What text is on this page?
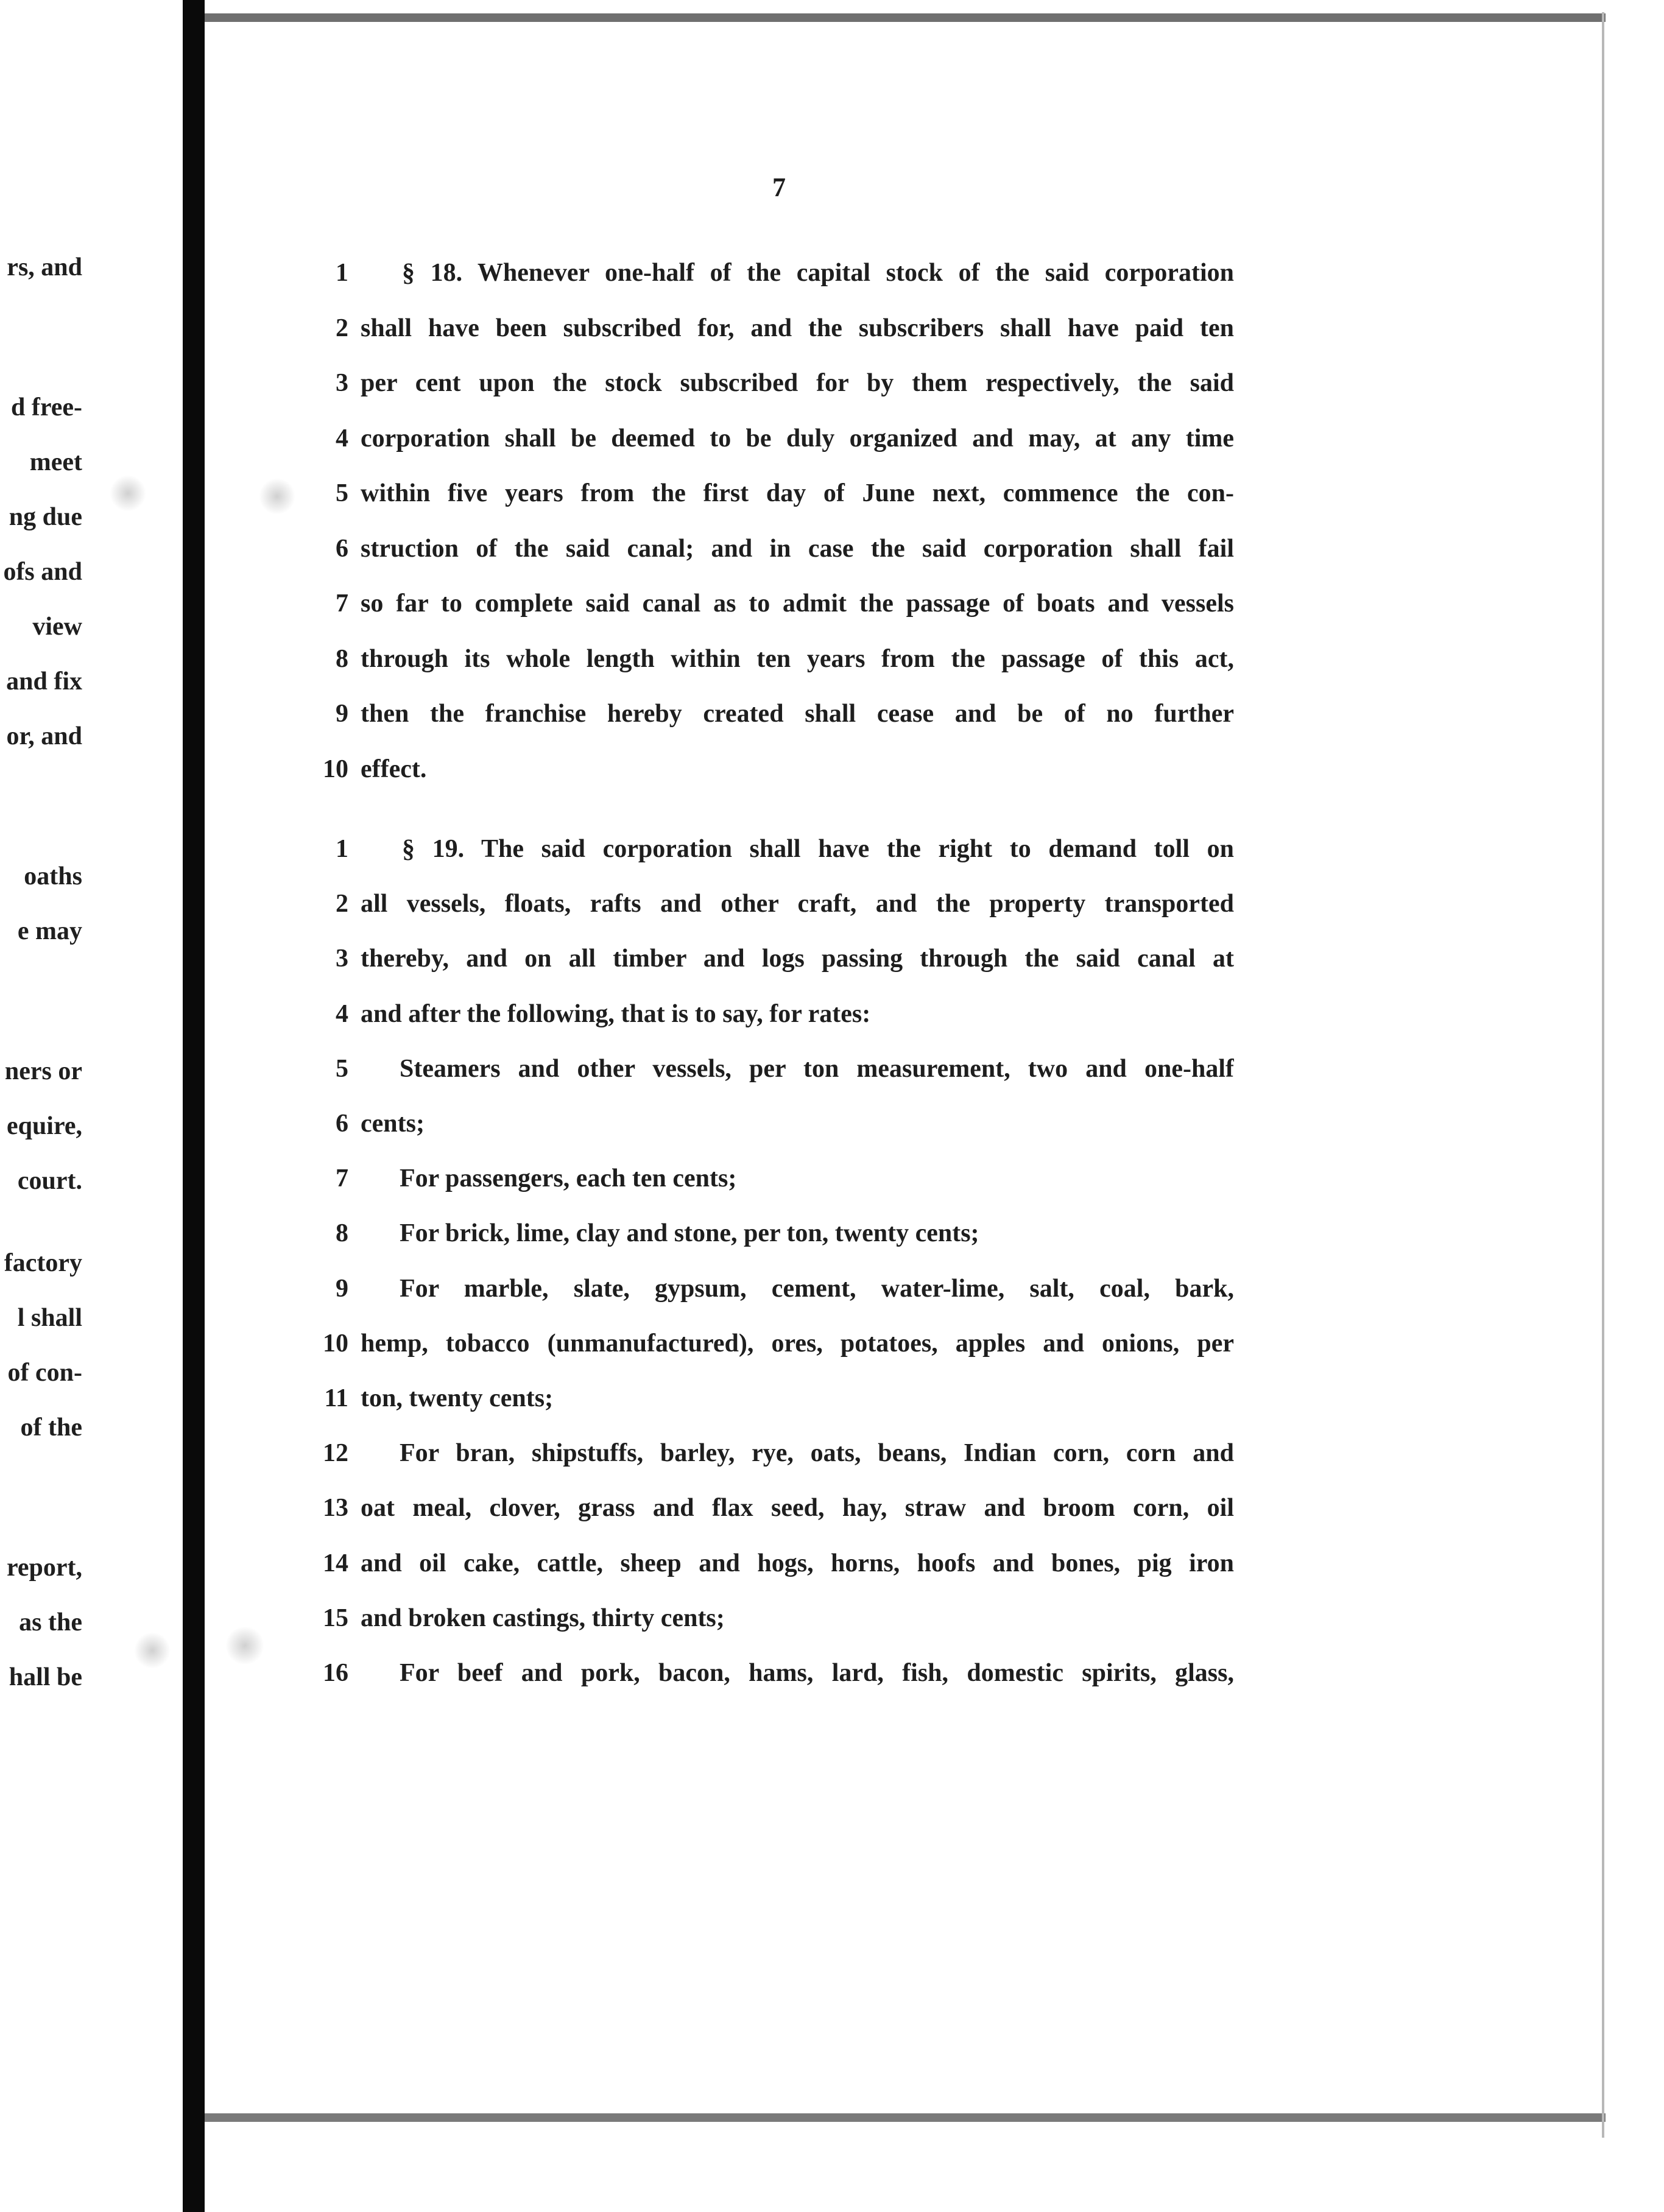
rs, and
d free-
meet
ng due
ofs and
view
and fix
or, and
oaths
e may
ners or
equire,
court.
factory
l shall
of con-
of the
report,
as the
hall be
7
1 § 18. Whenever one-half of the capital stock of the said corporation
2 shall have been subscribed for, and the subscribers shall have paid ten
3 per cent upon the stock subscribed for by them respectively, the said
4 corporation shall be deemed to be duly organized and may, at any time
5 within five years from the first day of June next, commence the con-
6 struction of the said canal; and in case the said corporation shall fail
7 so far to complete said canal as to admit the passage of boats and vessels
8 through its whole length within ten years from the passage of this act,
9 then the franchise hereby created shall cease and be of no further
10 effect.
1 § 19. The said corporation shall have the right to demand toll on
2 all vessels, floats, rafts and other craft, and the property transported
3 thereby, and on all timber and logs passing through the said canal at
4 and after the following, that is to say, for rates:
5 Steamers and other vessels, per ton measurement, two and one-half
6 cents;
7 For passengers, each ten cents;
8 For brick, lime, clay and stone, per ton, twenty cents;
9 For marble, slate, gypsum, cement, water-lime, salt, coal, bark,
10 hemp, tobacco (unmanufactured), ores, potatoes, apples and onions, per
11 ton, twenty cents;
12 For bran, shipstuffs, barley, rye, oats, beans, Indian corn, corn and
13 oat meal, clover, grass and flax seed, hay, straw and broom corn, oil
14 and oil cake, cattle, sheep and hogs, horns, hoofs and bones, pig iron
15 and broken castings, thirty cents;
16 For beef and pork, bacon, hams, lard, fish, domestic spirits, glass,
